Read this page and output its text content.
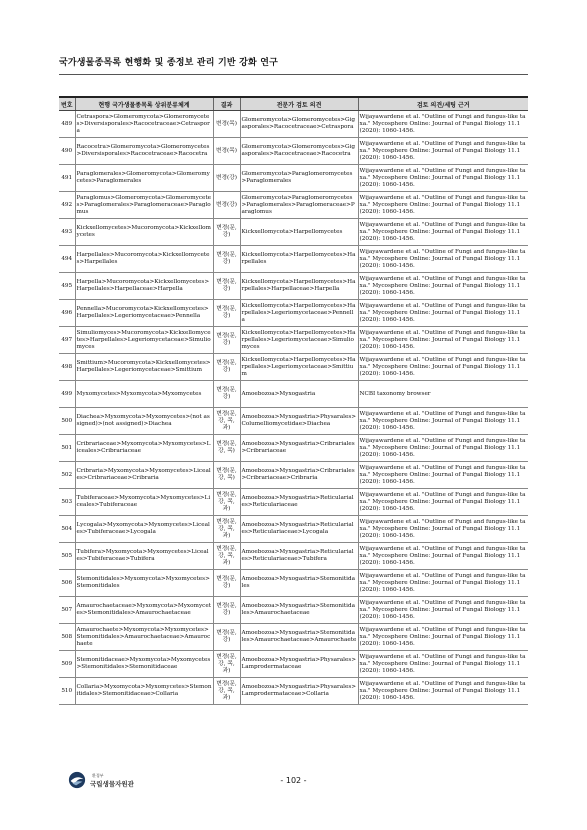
국가생물종목록 현행화 및 종정보 관리 기반 강화 연구
번호	현행 국가생물종목록 상위분류체계	결과	전문가 검토 의견	검토 의견/세팅 근거
489	Cetraspora>Glomeromycota>Glomeromycetes>Diversisporales>Racocetraceae>Cetraspora	변경(목)	Glomeromycota>Glomeromycetes>Gigasporales>Racocetraceae>Cetraspora	Wijayawardene et al. "Outline of Fungi and fungus-like taxa." Mycosphere Online: Journal of Fungal Biology 11.1 (2020): 1060-1456.
490	Racocetra>Glomeromycota>Glomeromycetes>Diversisporales>Racocetraceae>Racocetra	변경(목)	Glomeromycota>Glomeromycetes>Gigasporales>Racocetraceae>Racocetra	Wijayawardene et al. "Outline of Fungi and fungus-like taxa." Mycosphere Online: Journal of Fungal Biology 11.1 (2020): 1060-1456.
491	Paraglomerales>Glomeromycota>Glomeromycetes>Paraglomerales	변경(강)	Glomeromycota>Paraglomeromycetes>Paraglomerales	Wijayawardene et al. "Outline of Fungi and fungus-like taxa." Mycosphere Online: Journal of Fungal Biology 11.1 (2020): 1060-1456.
492	Paraglomus>Glomeromycota>Glomeromycetes>Paraglomerales>Paraglomeraceae>Paraglomus	변경(강)	Glomeromycota>Paraglomeromycetes>Paraglomerales>Paraglomeraceae>Paraglomus	Wijayawardene et al. "Outline of Fungi and fungus-like taxa." Mycosphere Online: Journal of Fungal Biology 11.1 (2020): 1060-1456.
493	Kickxellomycetes>Mucoromycota>Kickxellomycetes	변경(문, 강)	Kickxellomycota>Harpellomycetes	Wijayawardene et al. "Outline of Fungi and fungus-like taxa." Mycosphere Online: Journal of Fungal Biology 11.1 (2020): 1060-1456.
494	Harpellales>Mucoromycota>Kickxellomycetes>Harpellales	변경(문, 강)	Kickxellomycota>Harpellomycetes>Harpellales	Wijayawardene et al. "Outline of Fungi and fungus-like taxa." Mycosphere Online: Journal of Fungal Biology 11.1 (2020): 1060-1456.
495	Harpella>Mucoromycota>Kickxellomycetes>Harpellales>Harpellaceae>Harpella	변경(문, 강)	Kickxellomycota>Harpellomycetes>Harpellales>Harpellaceae>Harpella	Wijayawardene et al. "Outline of Fungi and fungus-like taxa." Mycosphere Online: Journal of Fungal Biology 11.1 (2020): 1060-1456.
496	Pennella>Mucoromycota>Kickxellomycetes>Harpellales>Legeriomycetaceae>Pennella	변경(문, 강)	Kickxellomycota>Harpellomycetes>Harpellales>Legeriomycetaceae>Pennella	Wijayawardene et al. "Outline of Fungi and fungus-like taxa." Mycosphere Online: Journal of Fungal Biology 11.1 (2020): 1060-1456.
497	Simuliomyces>Mucoromycota>Kickxellomycetes>Harpellales>Legeriomycetaceae>Simuliomyces	변경(문, 강)	Kickxellomycota>Harpellomycetes>Harpellales>Legeriomycetaceae>Simuliomyces	Wijayawardene et al. "Outline of Fungi and fungus-like taxa." Mycosphere Online: Journal of Fungal Biology 11.1 (2020): 1060-1456.
498	Smittium>Mucoromycota>Kickxellomycetes>Harpellales>Legeriomycetaceae>Smittium	변경(문, 강)	Kickxellomycota>Harpellomycetes>Harpellales>Legeriomycetaceae>Smittium	Wijayawardene et al. "Outline of Fungi and fungus-like taxa." Mycosphere Online: Journal of Fungal Biology 11.1 (2020): 1060-1456.
499	Myxomycetes>Myxomycota>Myxomycetes	변경(문, 강)	Amoebozoa>Myxogastria	NCBI taxonomy browser
500	Diachea>Myxomycota>Myxomycetes>(not assigned)>(not assigned)>Diachea	변경(문, 강, 목, 과)	Amoebozoa>Myxogastria>Physarales>Columelliomycetidae>Diachea	Wijayawardene et al. "Outline of Fungi and fungus-like taxa." Mycosphere Online: Journal of Fungal Biology 11.1 (2020): 1060-1456.
501	Cribrariaceae>Myxomycota>Myxomycetes>Liceales>Cribrariaceae	변경(문, 강, 목)	Amoebozoa>Myxogastria>Cribrariales>Cribrariaceae	Wijayawardene et al. "Outline of Fungi and fungus-like taxa." Mycosphere Online: Journal of Fungal Biology 11.1 (2020): 1060-1456.
502	Cribraria>Myxomycota>Myxomycetes>Liceales>Cribrariaceae>Cribraria	변경(문, 강, 목)	Amoebozoa>Myxogastria>Cribrariales>Cribrariaceae>Cribraria	Wijayawardene et al. "Outline of Fungi and fungus-like taxa." Mycosphere Online: Journal of Fungal Biology 11.1 (2020): 1060-1456.
503	Tubiferaceae>Myxomycota>Myxomycetes>Liceales>Tubiferaceae	변경(문, 강, 목, 과)	Amoebozoa>Myxogastria>Reticulariales>Reticulariaceae	Wijayawardene et al. "Outline of Fungi and fungus-like taxa." Mycosphere Online: Journal of Fungal Biology 11.1 (2020): 1060-1456.
504	Lycogala>Myxomycota>Myxomycetes>Liceales>Tubiferaceae>Lycogala	변경(문, 강, 목, 과)	Amoebozoa>Myxogastria>Reticulariales>Reticulariaceae>Lycogala	Wijayawardene et al. "Outline of Fungi and fungus-like taxa." Mycosphere Online: Journal of Fungal Biology 11.1 (2020): 1060-1456.
505	Tubifera>Myxomycota>Myxomycetes>Liceales>Tubiferaceae>Tubifera	변경(문, 강, 목, 과)	Amoebozoa>Myxogastria>Reticulariales>Reticulariaceae>Tubifera	Wijayawardene et al. "Outline of Fungi and fungus-like taxa." Mycosphere Online: Journal of Fungal Biology 11.1 (2020): 1060-1456.
506	Stemonitidales>Myxomycota>Myxomycetes>Stemonitidales	변경(문, 강)	Amoebozoa>Myxogastria>Stemonitidales	Wijayawardene et al. "Outline of Fungi and fungus-like taxa." Mycosphere Online: Journal of Fungal Biology 11.1 (2020): 1060-1456.
507	Amaurochaetaceae>Myxomycota>Myxomycetes>Stemonitidales>Amaurochaetaceae	변경(문, 강)	Amoebozoa>Myxogastria>Stemonitidales>Amaurochaetaceae	Wijayawardene et al. "Outline of Fungi and fungus-like taxa." Mycosphere Online: Journal of Fungal Biology 11.1 (2020): 1060-1456.
508	Amaurochaete>Myxomycota>Myxomycetes>Stemonitidales>Amaurochaetaceae>Amaurochaete	변경(문, 강)	Amoebozoa>Myxogastria>Stemonitidales>Amaurochaetaceae>Amaurochaete	Wijayawardene et al. "Outline of Fungi and fungus-like taxa." Mycosphere Online: Journal of Fungal Biology 11.1 (2020): 1060-1456.
509	Stemonitidaceae>Myxomycota>Myxomycetes>Stemonitidales>Stemonitidaceae	변경(문, 강, 목, 과)	Amoebozoa>Myxogastria>Physarales>Lamprodermataceae	Wijayawardene et al. "Outline of Fungi and fungus-like taxa." Mycosphere Online: Journal of Fungal Biology 11.1 (2020): 1060-1456.
510	Collaria>Myxomycota>Myxomycetes>Stemonitidales>Stemonitidaceae>Collaria	변경(문, 강, 목, 과)	Amoebozoa>Myxogastria>Physarales>Lamprodermataceae>Collaria	Wijayawardene et al. "Outline of Fungi and fungus-like taxa." Mycosphere Online: Journal of Fungal Biology 11.1 (2020): 1060-1456.
환경부
국립생물자원관	- 102 -
